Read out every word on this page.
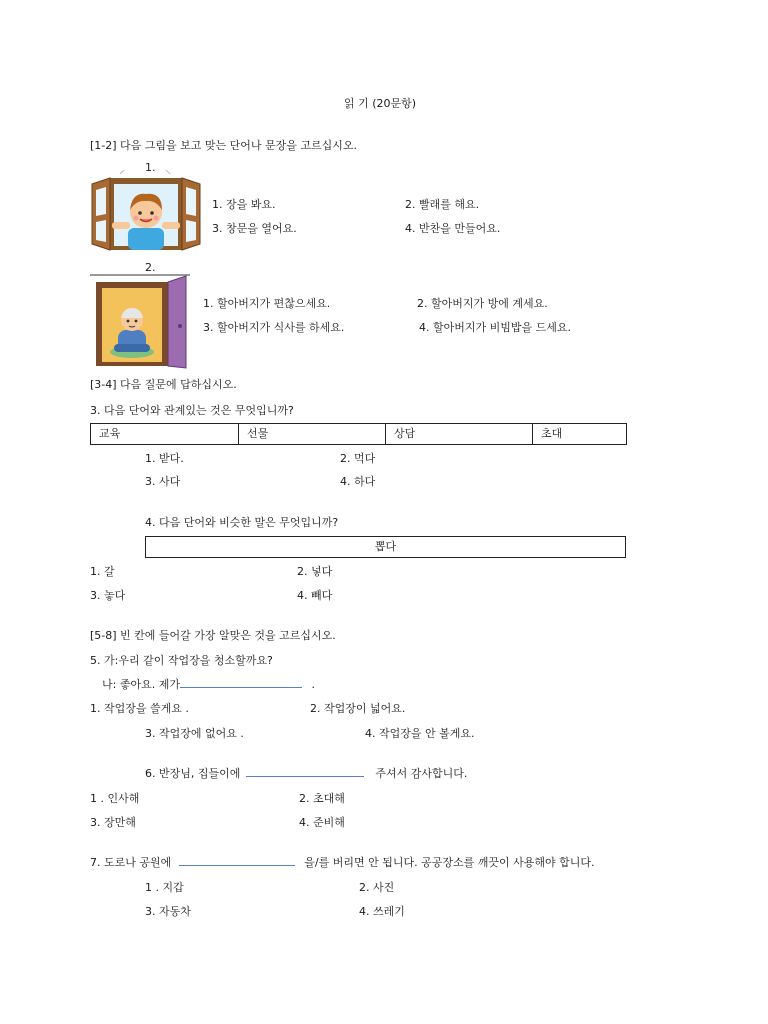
읽 기 (20문항)
[1-2] 다음 그림을 보고 맞는 단어나 문장을 고르십시오.
1.
1. 장을 봐요.	2. 빨래를 해요.
3. 창문을 열어요.	4. 반찬을 만들어요.
2.
1. 할아버지가 편찮으세요.	2. 할아버지가 방에 계세요.
3. 할아버지가 식사를 하세요.	4. 할아버지가 비빔밥을 드세요.
[3-4] 다음 질문에 답하십시오.
3. 다음 단어와 관계있는 것은 무엇입니까?
교육	선물	상담	초대
1. 받다.	2. 먹다
3. 사다	4. 하다
4. 다음 단어와 비슷한 말은 무엇입니까?
뽑다
1. 갈	2. 넣다
3. 놓다	4. 빼다
[5-8] 빈 칸에 들어갈 가장 알맞은 것을 고르십시오.
5. 가:우리 같이 작업장을 청소할까요?
나: 좋아요. 제가	.
1. 작업장을 쓸게요 .	2. 작업장이 넓어요.
3. 작업장에 없어요 .	4. 작업장을 안 볼게요.
6. 반장님, 집들이에	주셔서 감사합니다.
1 . 인사해	2. 초대해
3. 장만해	4. 준비해
7. 도로나 공원에	을/를 버리면 안 됩니다. 공공장소를 깨끗이 사용해야 합니다.
1 . 지갑	2. 사진
3. 자동차	4. 쓰레기
